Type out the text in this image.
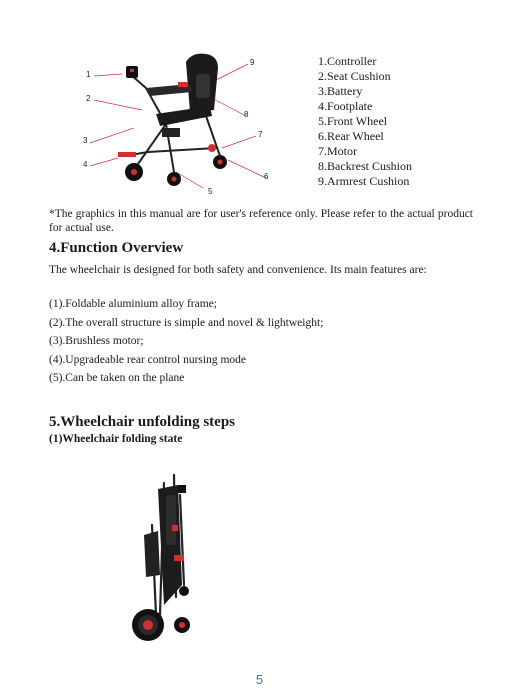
1
2
3
4
5
6
7
8
9	1.Controller
2.Seat Cushion
3.Battery
4.Footplate
5.Front Wheel
6.Rear Wheel
7.Motor
8.Backrest Cushion
9.Armrest Cushion
*The graphics in this manual are for user's reference only. Please refer to the actual product for actual use.
4.Function Overview
The wheelchair is designed for both safety and convenience. Its main features are:
(1).Foldable aluminium alloy frame;
(2).The overall structure is simple and novel & lightweight;
(3).Brushless motor;
(4).Upgradeable rear control nursing mode
(5).Can be taken on the plane
5.Wheelchair unfolding steps
(1)Wheelchair folding state
5
